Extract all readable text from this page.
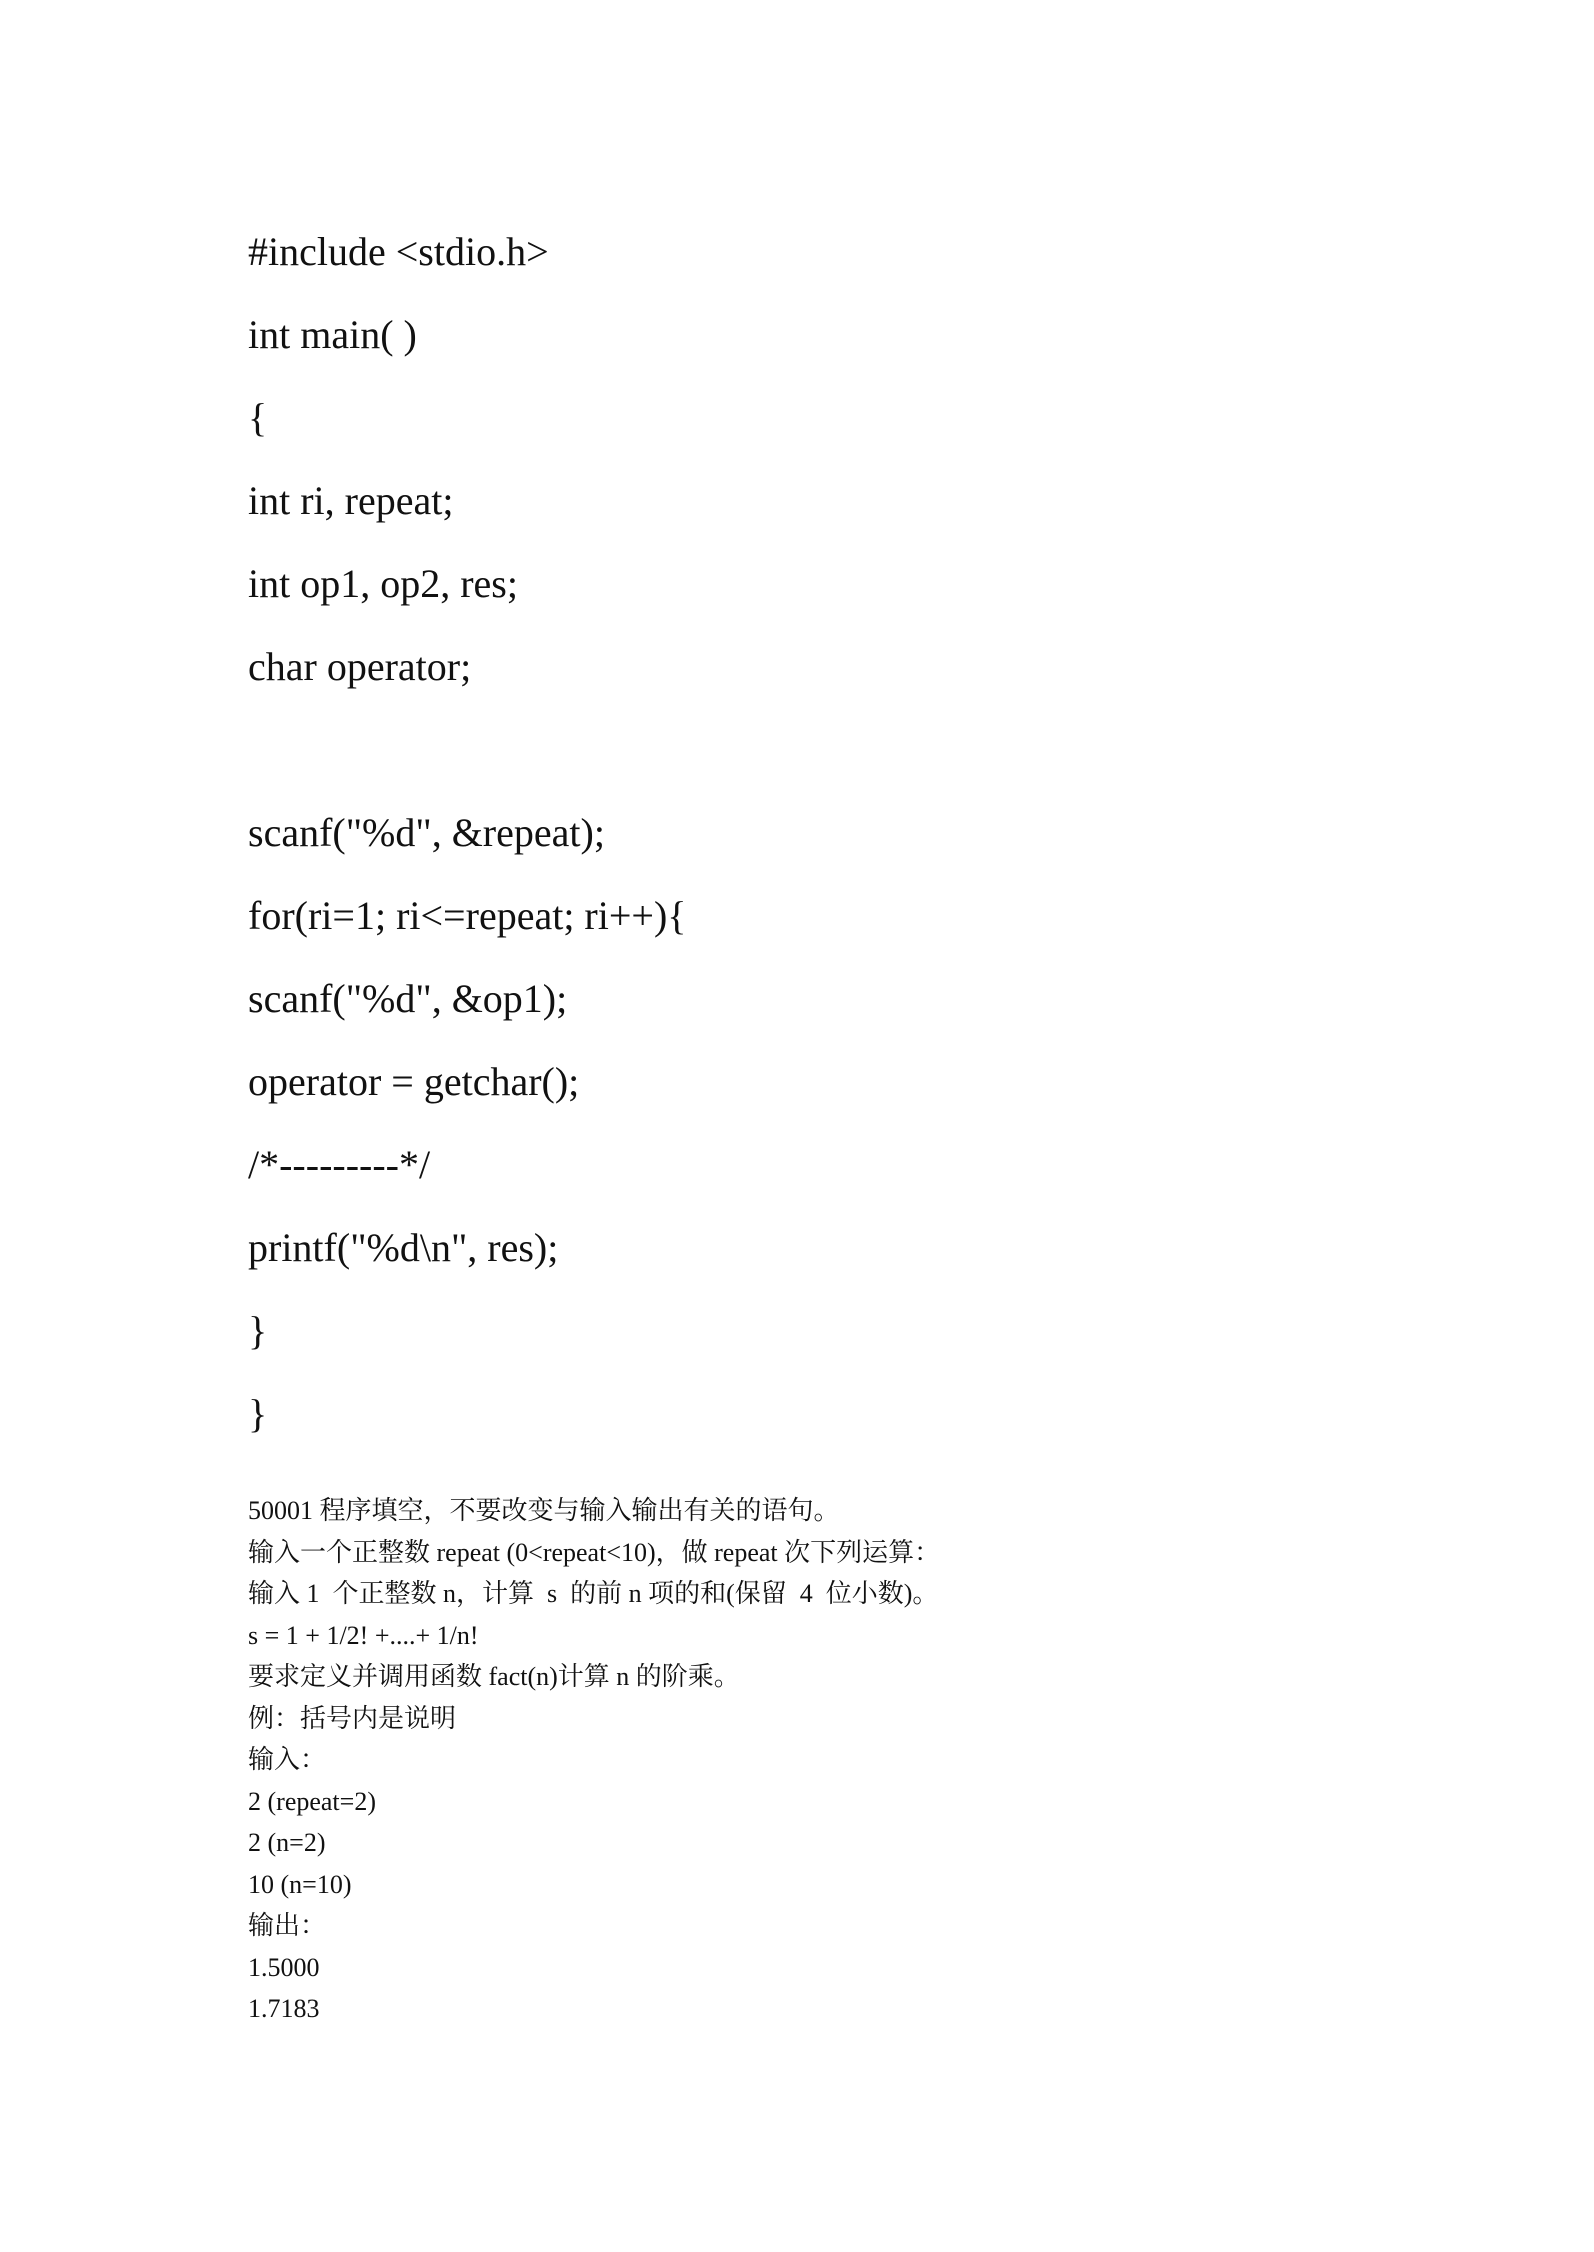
#include <stdio.h>
int main( )
{
int ri, repeat;
int op1, op2, res;
char operator;
scanf("%d", &repeat);
for(ri=1; ri<=repeat; ri++){
scanf("%d", &op1);
operator = getchar();
/*---------*/
printf("%d\n", res);
}
}
50001 程序填空，不要改变与输入输出有关的语句。
输入一个正整数 repeat (0<repeat<10)，做 repeat 次下列运算：
输入 1  个正整数 n，计算  s  的前 n 项的和(保留  4  位小数)。
s = 1 + 1/2! +....+ 1/n!
要求定义并调用函数 fact(n)计算 n 的阶乘。
例：括号内是说明
输入：
2 (repeat=2)
2 (n=2)
10 (n=10)
输出：
1.5000
1.7183
